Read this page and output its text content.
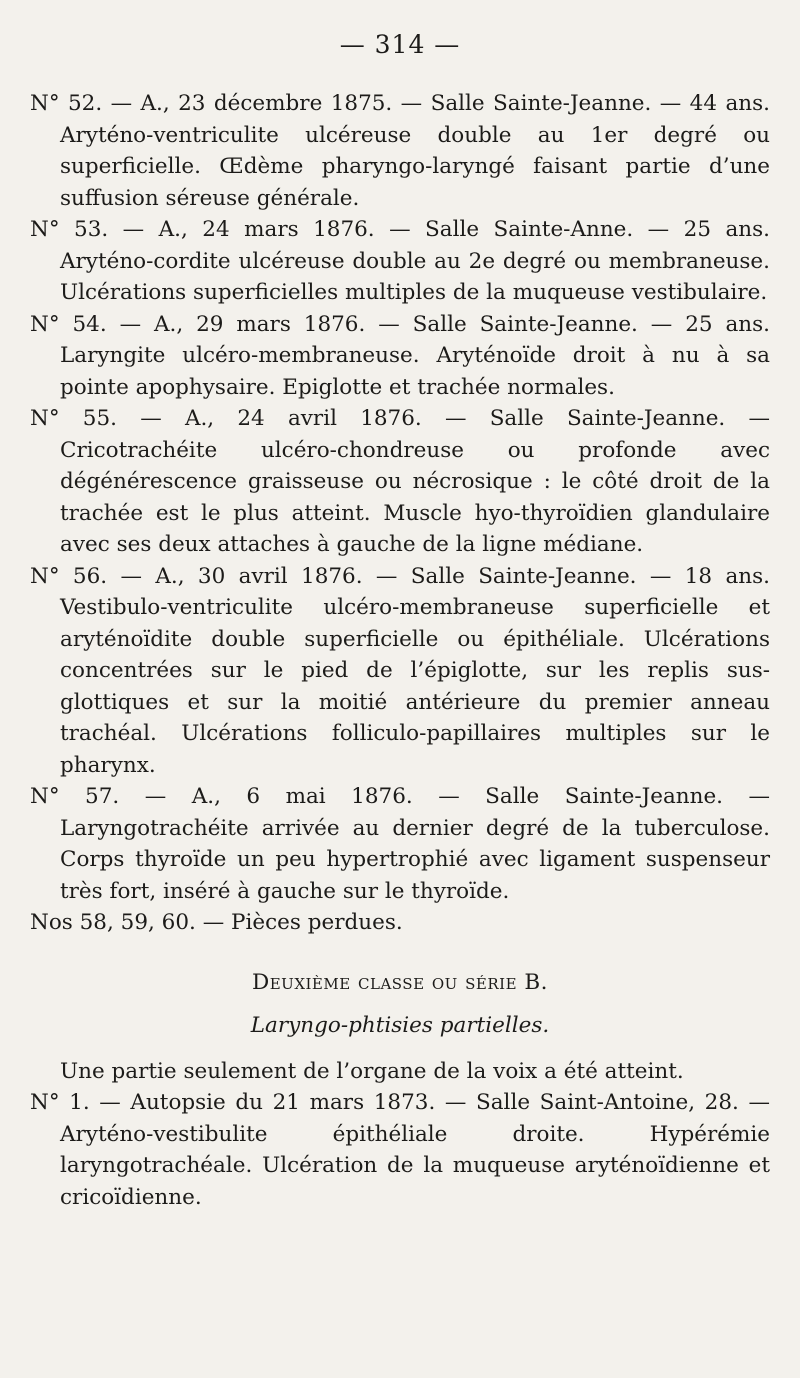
— 314 —

N° 52. — A., 23 décembre 1875. — Salle Sainte-Jeanne. — 44 ans. Aryténo-ventriculite ulcéreuse double au 1er degré ou superficielle. Œdème pharyngo-laryngé faisant partie d’une suffusion séreuse générale.

N° 53. — A., 24 mars 1876. — Salle Sainte-Anne. — 25 ans. Aryténo-cordite ulcéreuse double au 2e degré ou membraneuse. Ulcérations superficielles multiples de la muqueuse vestibulaire.

N° 54. — A., 29 mars 1876. — Salle Sainte-Jeanne. — 25 ans. Laryngite ulcéro-membraneuse. Aryténoïde droit à nu à sa pointe apophysaire. Epiglotte et trachée normales.

N° 55. — A., 24 avril 1876. — Salle Sainte-Jeanne. — Cricotrachéite ulcéro-chondreuse ou profonde avec dégénérescence graisseuse ou nécrosique : le côté droit de la trachée est le plus atteint. Muscle hyo-thyroïdien glandulaire avec ses deux attaches à gauche de la ligne médiane.

N° 56. — A., 30 avril 1876. — Salle Sainte-Jeanne. — 18 ans. Vestibulo-ventriculite ulcéro-membraneuse superficielle et aryténoïdite double superficielle ou épithéliale. Ulcérations concentrées sur le pied de l’épiglotte, sur les replis sus-glottiques et sur la moitié antérieure du premier anneau trachéal. Ulcérations folliculo-papillaires multiples sur le pharynx.

N° 57. — A., 6 mai 1876. — Salle Sainte-Jeanne. — Laryngotrachéite arrivée au dernier degré de la tuberculose. Corps thyroïde un peu hypertrophié avec ligament suspenseur très fort, inséré à gauche sur le thyroïde.

Nos 58, 59, 60. — Pièces perdues.

Deuxième classe ou série B.

Laryngo-phtisies partielles.

Une partie seulement de l’organe de la voix a été atteint.

N° 1. — Autopsie du 21 mars 1873. — Salle Saint-Antoine, 28. — Aryténo-vestibulite épithéliale droite. Hypérémie laryngotrachéale. Ulcération de la muqueuse aryténoïdienne et cricoïdienne.
